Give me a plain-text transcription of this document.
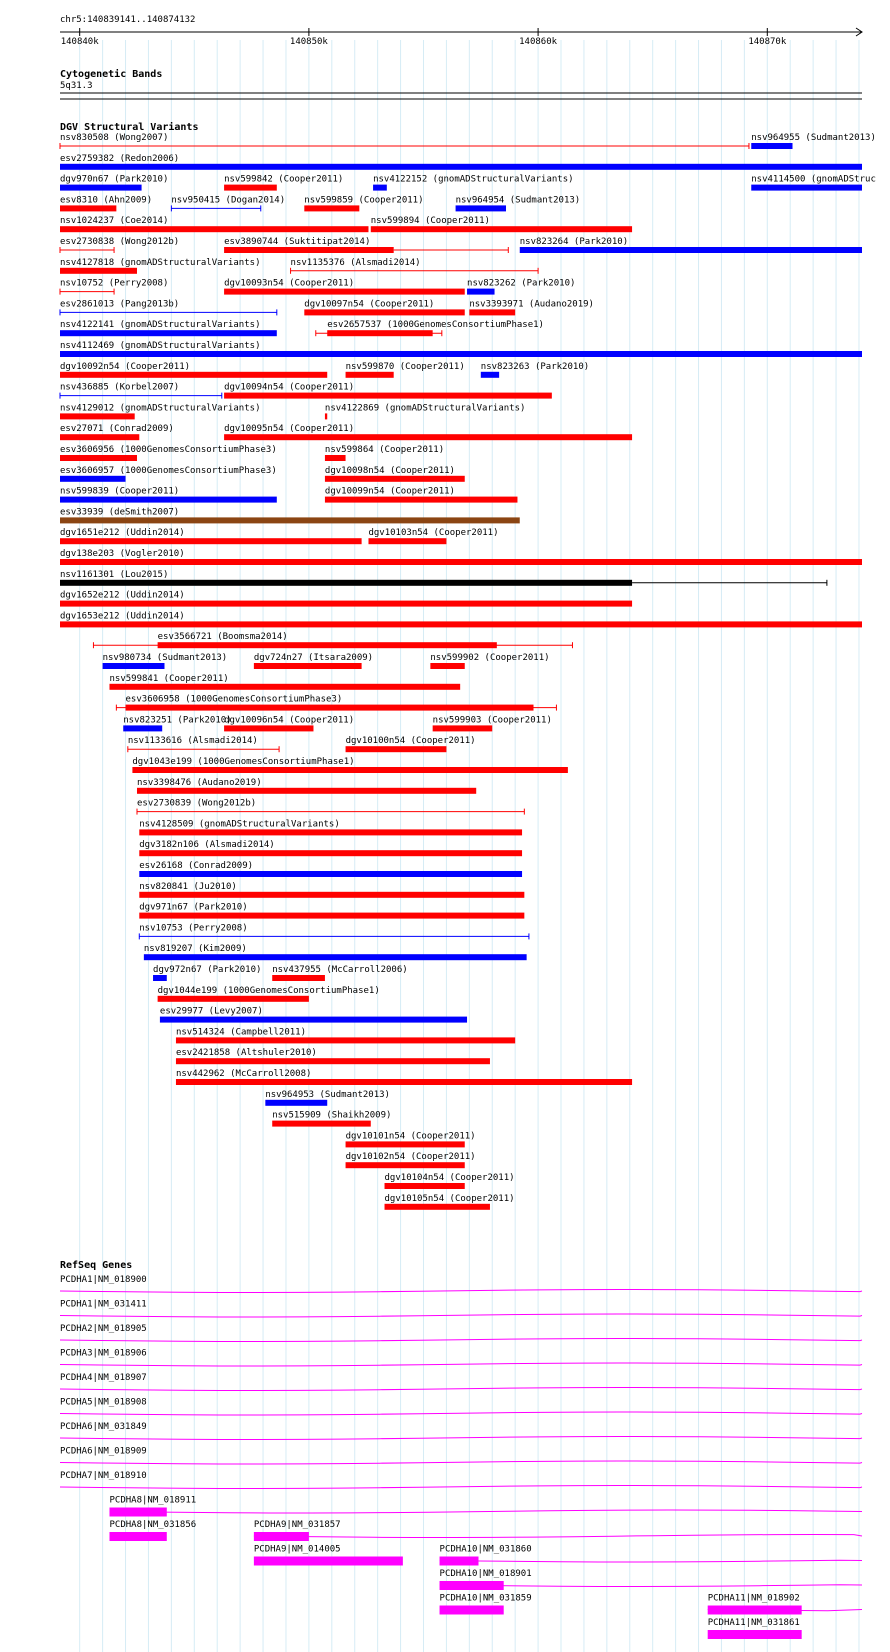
chr5:140839141..140874132
140840k	140850k	140860k	140870k
Cytogenetic Bands
5q31.3
DGV Structural Variants
nsv830508 (Wong2007)	nsv964955 (Sudmant2013)
esv2759382 (Redon2006)
dgv970n67 (Park2010)	nsv599842 (Cooper2011)	nsv4122152 (gnomADStructuralVariants)	nsv4114500 (gnomADStruc
esv8310 (Ahn2009) nsv950415 (Dogan2014) nsv599859 (Cooper2011)	nsv964954 (Sudmant2013)
nsv1024237 (Coe2014)	nsv599894 (Cooper2011)
esv2730838 (Wong2012b)	esv3890744 (Suktitipat2014)	nsv823264 (Park2010)
nsv4127818 (gnomADStructuralVariants)	nsv1135376 (Alsmadi2014)
nsv10752 (Perry2008)	dgv10093n54 (Cooper2011)	nsv823262 (Park2010)
esv2861013 (Pang2013b)	dgv10097n54 (Cooper2011)	nsv3393971 (Audano2019)
nsv4122141 (gnomADStructuralVariants)	esv2657537 (1000GenomesConsortiumPhase1)
nsv4112469 (gnomADStructuralVariants)
dgv10092n54 (Cooper2011)	nsv599870 (Cooper2011) nsv823263 (Park2010)
nsv436885 (Korbel2007)	dgv10094n54 (Cooper2011)
nsv4129012 (gnomADStructuralVariants)	nsv4122869 (gnomADStructuralVariants)
esv27071 (Conrad2009)	dgv10095n54 (Cooper2011)
esv3606956 (1000GenomesConsortiumPhase3)	nsv599864 (Cooper2011)
esv3606957 (1000GenomesConsortiumPhase3)	dgv10098n54 (Cooper2011)
nsv599839 (Cooper2011)	dgv10099n54 (Cooper2011)
esv33939 (deSmith2007)
dgv1651e212 (Uddin2014)	dgv10103n54 (Cooper2011)
dgv138e203 (Vogler2010)
nsv1161301 (Lou2015)
dgv1652e212 (Uddin2014)
dgv1653e212 (Uddin2014)
esv3566721 (Boomsma2014)
nsv980734 (Sudmant2013)	dgv724n27 (Itsara2009)	nsv599902 (Cooper2011)
nsv599841 (Cooper2011)
esv3606958 (1000GenomesConsortiumPhase3)
nsv823251 (Park2010)
dgv10096n54 (Cooper2011)	nsv599903 (Cooper2011)
nsv1133616 (Alsmadi2014)	dgv10100n54 (Cooper2011)
dgv1043e199 (1000GenomesConsortiumPhase1)
nsv3398476 (Audano2019)
esv2730839 (Wong2012b)
nsv4128509 (gnomADStructuralVariants)
dgv3182n106 (Alsmadi2014)
esv26168 (Conrad2009)
nsv820841 (Ju2010)
dgv971n67 (Park2010)
nsv10753 (Perry2008)
nsv819207 (Kim2009)
dgv972n67 (Park2010) nsv437955 (McCarroll2006)
dgv1044e199 (1000GenomesConsortiumPhase1)
esv29977 (Levy2007)
nsv514324 (Campbell2011)
esv2421858 (Altshuler2010)
nsv442962 (McCarroll2008)
nsv964953 (Sudmant2013)
nsv515909 (Shaikh2009)
dgv10101n54 (Cooper2011)
dgv10102n54 (Cooper2011)
dgv10104n54 (Cooper2011)
dgv10105n54 (Cooper2011)
RefSeq Genes
PCDHA1|NM_018900
PCDHA1|NM_031411
PCDHA2|NM_018905
PCDHA3|NM_018906
PCDHA4|NM_018907
PCDHA5|NM_018908
PCDHA6|NM_031849
PCDHA6|NM_018909
PCDHA7|NM_018910
PCDHA8|NM_018911
PCDHA8|NM_031856	PCDHA9|NM_031857
PCDHA9|NM_014005	PCDHA10|NM_031860
PCDHA10|NM_018901
PCDHA10|NM_031859	PCDHA11|NM_018902
PCDHA11|NM_031861
